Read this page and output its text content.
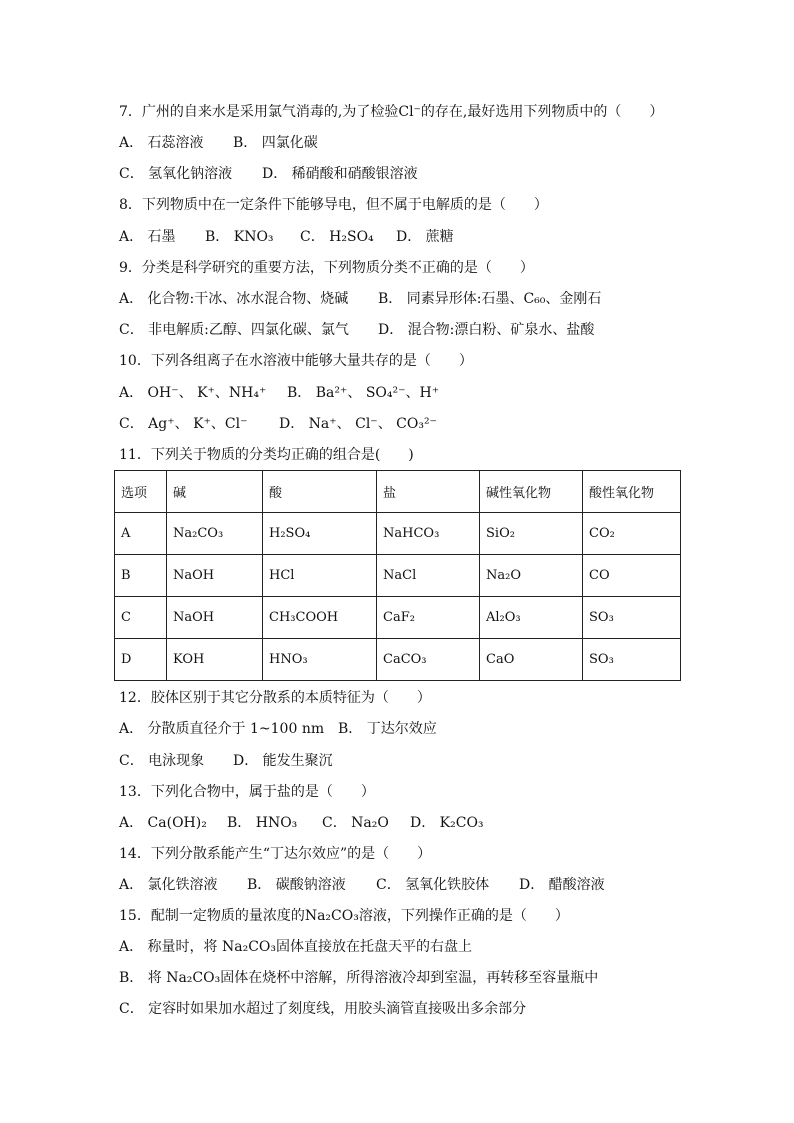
7．广州的自来水是采用氯气消毒的,为了检验Cl⁻的存在,最好选用下列物质中的（　　）
A． 石蕊溶液 B． 四氯化碳
C． 氢氧化钠溶液 D． 稀硝酸和硝酸银溶液
8．下列物质中在一定条件下能够导电，但不属于电解质的是（　　）
A． 石墨 B． KNO₃ C． H₂SO₄ D． 蔗糖
9．分类是科学研究的重要方法，下列物质分类不正确的是（　　）
A． 化合物:干冰、冰水混合物、烧碱 B． 同素异形体:石墨、C₆₀、金刚石
C． 非电解质:乙醇、四氯化碳、氯气 D． 混合物:漂白粉、矿泉水、盐酸
10．下列各组离子在水溶液中能够大量共存的是（　　）
A． OH⁻、 K⁺、NH₄⁺ B． Ba²⁺、 SO₄²⁻、H⁺
C． Ag⁺、 K⁺、Cl⁻ D． Na⁺、 Cl⁻、 CO₃²⁻
11．下列关于物质的分类均正确的组合是(　　)
选项	碱	酸	盐	碱性氧化物	酸性氧化物
A	Na₂CO₃	H₂SO₄	NaHCO₃	SiO₂	CO₂
B	NaOH	HCl	NaCl	Na₂O	CO
C	NaOH	CH₃COOH	CaF₂	Al₂O₃	SO₃
D	KOH	HNO₃	CaCO₃	CaO	SO₃
12．胶体区别于其它分散系的本质特征为（　　）
A． 分散质直径介于 1~100 nm B． 丁达尔效应
C． 电泳现象 D． 能发生聚沉
13．下列化合物中，属于盐的是（　　）
A． Ca(OH)₂ B． HNO₃ C． Na₂O D． K₂CO₃
14．下列分散系能产生“丁达尔效应”的是（　　）
A． 氯化铁溶液 B． 碳酸钠溶液 C． 氢氧化铁胶体 D． 醋酸溶液
15．配制一定物质的量浓度的Na₂CO₃溶液，下列操作正确的是（　　）
A． 称量时，将 Na₂CO₃固体直接放在托盘天平的右盘上
B． 将 Na₂CO₃固体在烧杯中溶解，所得溶液冷却到室温，再转移至容量瓶中
C． 定容时如果加水超过了刻度线，用胶头滴管直接吸出多余部分
